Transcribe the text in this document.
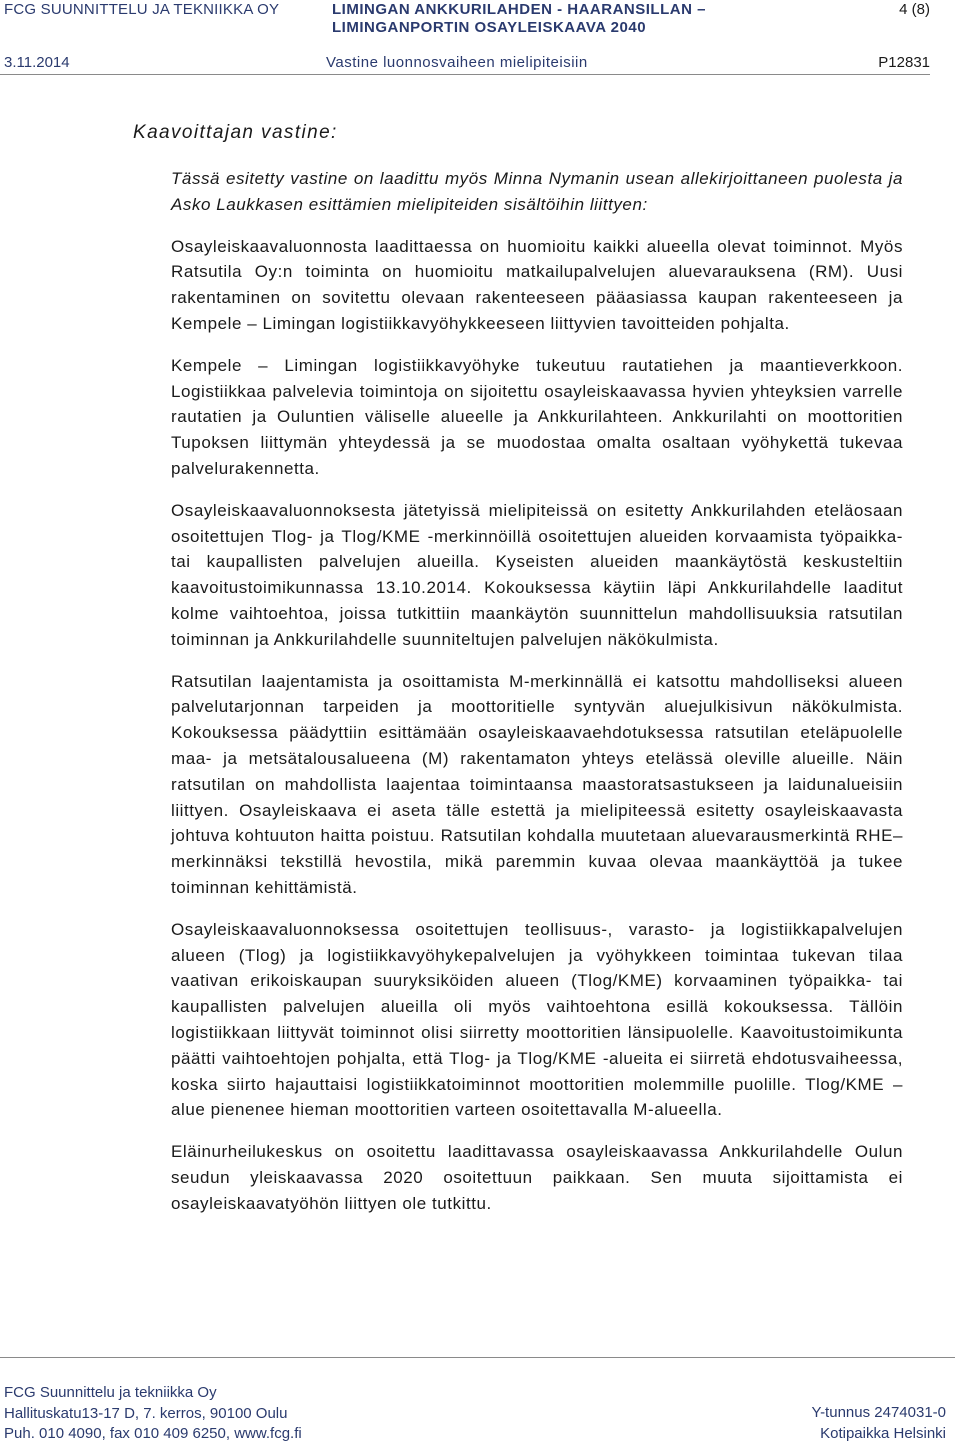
FCG SUUNNITTELU JA TEKNIIKKA OY	LIMINGAN ANKKURILAHDEN - HAARANSILLAN –
LIMINGANPORTIN OSAYLEISKAAVA 2040
4 (8)
3.11.2014	Vastine luonnosvaiheen mielipiteisiin	P12831
Kaavoittajan vastine:

Tässä esitetty vastine on laadittu myös Minna Nymanin usean allekirjoittaneen puolesta ja Asko Laukkasen esittämien mielipiteiden sisältöihin liittyen:

Osayleiskaavaluonnosta laadittaessa on huomioitu kaikki alueella olevat toiminnot. Myös Ratsutila Oy:n toiminta on huomioitu matkailupalvelujen aluevarauksena (RM). Uusi rakentaminen on sovitettu olevaan rakenteeseen pääasiassa kaupan rakenteeseen ja Kempele – Limingan logistiikkavyöhykkeeseen liittyvien tavoitteiden pohjalta.

Kempele – Limingan logistiikkavyöhyke tukeutuu rautatiehen ja maantieverkkoon. Logistiikkaa palvelevia toimintoja on sijoitettu osayleiskaavassa hyvien yhteyksien varrelle rautatien ja Ouluntien väliselle alueelle ja Ankkurilahteen. Ankkurilahti on moottoritien Tupoksen liittymän yhteydessä ja se muodostaa omalta osaltaan vyöhykettä tukevaa palvelurakennetta.

Osayleiskaavaluonnoksesta jätetyissä mielipiteissä on esitetty Ankkurilahden eteläosaan osoitettujen Tlog- ja Tlog/KME -merkinnöillä osoitettujen alueiden korvaamista työpaikka- tai kaupallisten palvelujen alueilla. Kyseisten alueiden maankäytöstä keskusteltiin kaavoitustoimikunnassa 13.10.2014. Kokouksessa käytiin läpi Ankkurilahdelle laaditut kolme vaihtoehtoa, joissa tutkittiin maankäytön suunnittelun mahdollisuuksia ratsutilan toiminnan ja Ankkurilahdelle suunniteltujen palvelujen näkökulmista.

Ratsutilan laajentamista ja osoittamista M-merkinnällä ei katsottu mahdolliseksi alueen palvelutarjonnan tarpeiden ja moottoritielle syntyvän aluejulkisivun näkökulmista. Kokouksessa päädyttiin esittämään osayleiskaavaehdotuksessa ratsutilan eteläpuolelle maa- ja metsätalousalueena (M) rakentamaton yhteys etelässä oleville alueille. Näin ratsutilan on mahdollista laajentaa toimintaansa maastoratsastukseen ja laidunalueisiin liittyen. Osayleiskaava ei aseta tälle estettä ja mielipiteessä esitetty osayleiskaavasta johtuva kohtuuton haitta poistuu. Ratsutilan kohdalla muutetaan aluevarausmerkintä RHE–merkinnäksi tekstillä hevostila, mikä paremmin kuvaa olevaa maankäyttöä ja tukee toiminnan kehittämistä.

Osayleiskaavaluonnoksessa osoitettujen teollisuus-, varasto- ja logistiikkapalvelujen alueen (Tlog) ja logistiikkavyöhykepalvelujen ja vyöhykkeen toimintaa tukevan tilaa vaativan erikoiskaupan suuryksiköiden alueen (Tlog/KME) korvaaminen työpaikka- tai kaupallisten palvelujen alueilla oli myös vaihtoehtona esillä kokouksessa. Tällöin logistiikkaan liittyvät toiminnot olisi siirretty moottoritien länsipuolelle. Kaavoitustoimikunta päätti vaihtoehtojen pohjalta, että Tlog- ja Tlog/KME -alueita ei siirretä ehdotusvaiheessa, koska siirto hajauttaisi logistiikkatoiminnot moottoritien molemmille puolille. Tlog/KME –alue pienenee hieman moottoritien varteen osoitettavalla M-alueella.

Eläinurheilukeskus on osoitettu laadittavassa osayleiskaavassa Ankkurilahdelle Oulun seudun yleiskaavassa 2020 osoitettuun paikkaan. Sen muuta sijoittamista ei osayleiskaavatyöhön liittyen ole tutkittu.

FCG Suunnittelu ja tekniikka Oy
Hallituskatu13-17 D, 7. kerros, 90100 Oulu
Puh. 010 4090, fax 010 409 6250, www.fcg.fi
Y-tunnus 2474031-0
Kotipaikka Helsinki
